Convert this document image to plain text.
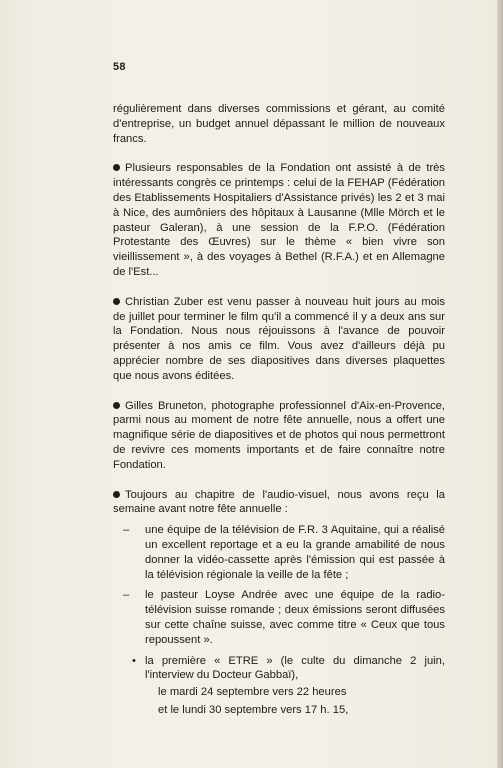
58

régulièrement dans diverses commissions et gérant, au comité d'entreprise, un budget annuel dépassant le million de nouveaux francs.

Plusieurs responsables de la Fondation ont assisté à de très intéressants congrès ce printemps : celui de la FEHAP (Fédération des Etablissements Hospitaliers d'Assistance privés) les 2 et 3 mai à Nice, des aumôniers des hôpitaux à Lausanne (Mlle Mörch et le pasteur Galeran), à une session de la F.P.O. (Fédération Protestante des Œuvres) sur le thème « bien vivre son vieillissement », à des voyages à Bethel (R.F.A.) et en Allemagne de l'Est...

Christian Zuber est venu passer à nouveau huit jours au mois de juillet pour terminer le film qu'il a commencé il y a deux ans sur la Fondation. Nous nous réjouissons à l'avance de pouvoir présenter à nos amis ce film. Vous avez d'ailleurs déjà pu apprécier nombre de ses diapositives dans diverses plaquettes que nous avons éditées.

Gilles Bruneton, photographe professionnel d'Aix-en-Provence, parmi nous au moment de notre fête annuelle, nous a offert une magnifique série de diapositives et de photos qui nous permettront de revivre ces moments importants et de faire connaître notre Fondation.

Toujours au chapitre de l'audio-visuel, nous avons reçu la semaine avant notre fête annuelle :

– une équipe de la télévision de F.R. 3 Aquitaine, qui a réalisé un excellent reportage et a eu la grande amabilité de nous donner la vidéo-cassette après l'émission qui est passée à la télévision régionale la veille de la fête ;
– le pasteur Loyse Andrée avec une équipe de la radio-télévision suisse romande ; deux émissions seront diffusées sur cette chaîne suisse, avec comme titre « Ceux que tous repoussent ».
• la première « ETRE » (le culte du dimanche 2 juin, l'interview du Docteur Gabbaï),
le mardi 24 septembre vers 22 heures
et le lundi 30 septembre vers 17 h. 15,
